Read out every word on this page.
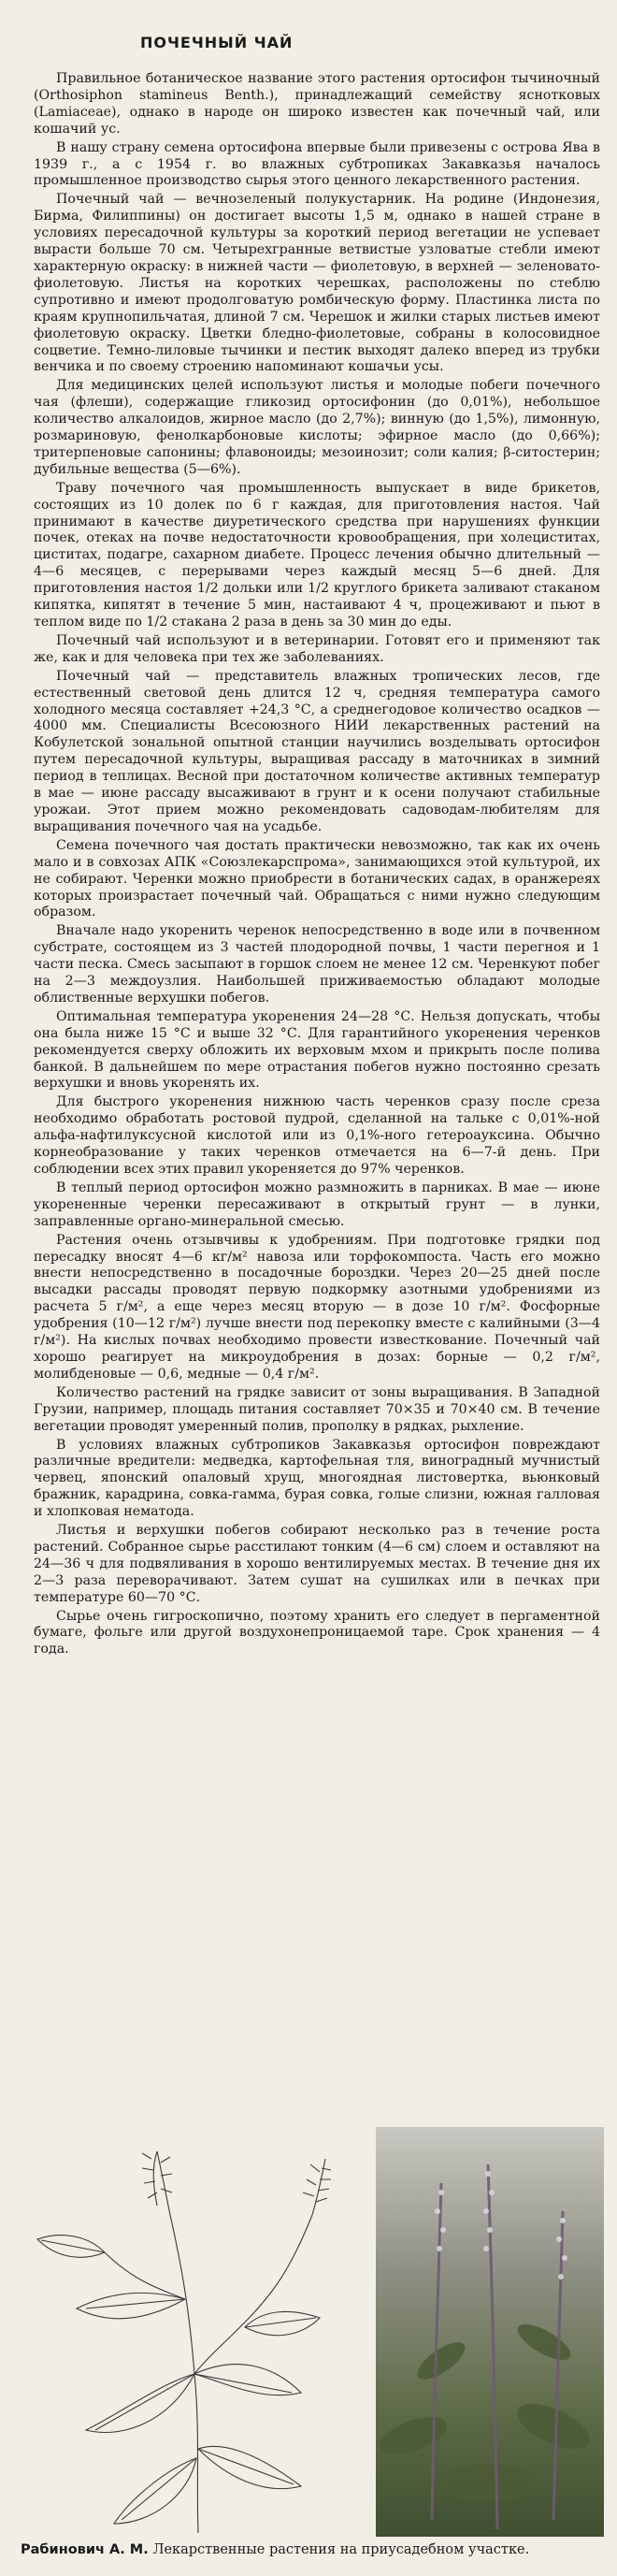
ПОЧЕЧНЫЙ ЧАЙ

Правильное ботаническое название этого растения ортосифон тычиночный (Orthosiphon stamineus Benth.), принадлежащий семейству яснотковых (Lamiaceae), однако в народе он широко известен как почечный чай, или кошачий ус.

В нашу страну семена ортосифона впервые были привезены с острова Ява в 1939 г., а с 1954 г. во влажных субтропиках Закавказья началось промышленное производство сырья этого ценного лекарственного растения.

Почечный чай — вечнозеленый полукустарник. На родине (Индонезия, Бирма, Филиппины) он достигает высоты 1,5 м, однако в нашей стране в условиях пересадочной культуры за короткий период вегетации не успевает вырасти больше 70 см. Четырехгранные ветвистые узловатые стебли имеют характерную окраску: в нижней части — фиолетовую, в верхней — зеленовато-фиолетовую. Листья на коротких черешках, расположены по стеблю супротивно и имеют продолговатую ромбическую форму. Пластинка листа по краям крупнопильчатая, длиной 7 см. Черешок и жилки старых листьев имеют фиолетовую окраску. Цветки бледно-фиолетовые, собраны в колосовидное соцветие. Темно-лиловые тычинки и пестик выходят далеко вперед из трубки венчика и по своему строению напоминают кошачьи усы.

Для медицинских целей используют листья и молодые побеги почечного чая (флеши), содержащие гликозид ортосифонин (до 0,01%), небольшое количество алкалоидов, жирное масло (до 2,7%); винную (до 1,5%), лимонную, розмариновую, фенолкарбоновые кислоты; эфирное масло (до 0,66%); тритерпеновые сапонины; флавоноиды; мезоинозит; соли калия; β-ситостерин; дубильные вещества (5—6%).

Траву почечного чая промышленность выпускает в виде брикетов, состоящих из 10 долек по 6 г каждая, для приготовления настоя. Чай принимают в качестве диуретического средства при нарушениях функции почек, отеках на почве недостаточности кровообращения, при холециститах, циститах, подагре, сахарном диабете. Процесс лечения обычно длительный — 4—6 месяцев, с перерывами через каждый месяц 5—6 дней. Для приготовления настоя 1/2 дольки или 1/2 круглого брикета заливают стаканом кипятка, кипятят в течение 5 мин, настаивают 4 ч, процеживают и пьют в теплом виде по 1/2 стакана 2 раза в день за 30 мин до еды.

Почечный чай используют и в ветеринарии. Готовят его и применяют так же, как и для человека при тех же заболеваниях.

Почечный чай — представитель влажных тропических лесов, где естественный световой день длится 12 ч, средняя температура самого холодного месяца составляет +24,3 °С, а среднегодовое количество осадков — 4000 мм. Специалисты Всесоюзного НИИ лекарственных растений на Кобулетской зональной опытной станции научились возделывать ортосифон путем пересадочной культуры, выращивая рассаду в маточниках в зимний период в теплицах. Весной при достаточном количестве активных температур в мае — июне рассаду высаживают в грунт и к осени получают стабильные урожаи. Этот прием можно рекомендовать садоводам-любителям для выращивания почечного чая на усадьбе.

Семена почечного чая достать практически невозможно, так как их очень мало и в совхозах АПК «Союзлекарспрома», занимающихся этой культурой, их не собирают. Черенки можно приобрести в ботанических садах, в оранжереях которых произрастает почечный чай. Обращаться с ними нужно следующим образом.

Вначале надо укоренить черенок непосредственно в воде или в почвенном субстрате, состоящем из 3 частей плодородной почвы, 1 части перегноя и 1 части песка. Смесь засыпают в горшок слоем не менее 12 см. Черенкуют побег на 2—3 междоузлия. Наибольшей приживаемостью обладают молодые облиственные верхушки побегов.

Оптимальная температура укоренения 24—28 °С. Нельзя допускать, чтобы она была ниже 15 °С и выше 32 °С. Для гарантийного укоренения черенков рекомендуется сверху обложить их верховым мхом и прикрыть после полива банкой. В дальнейшем по мере отрастания побегов нужно постоянно срезать верхушки и вновь укоренять их.

Для быстрого укоренения нижнюю часть черенков сразу после среза необходимо обработать ростовой пудрой, сделанной на тальке с 0,01%-ной альфа-нафтилуксусной кислотой или из 0,1%-ного гетероауксина. Обычно корнеобразование у таких черенков отмечается на 6—7-й день. При соблюдении всех этих правил укореняется до 97% черенков.

В теплый период ортосифон можно размножить в парниках. В мае — июне укорененные черенки пересаживают в открытый грунт — в лунки, заправленные органо-минеральной смесью.

Растения очень отзывчивы к удобрениям. При подготовке грядки под пересадку вносят 4—6 кг/м² навоза или торфокомпоста. Часть его можно внести непосредственно в посадочные бороздки. Через 20—25 дней после высадки рассады проводят первую подкормку азотными удобрениями из расчета 5 г/м², а еще через месяц вторую — в дозе 10 г/м². Фосфорные удобрения (10—12 г/м²) лучше внести под перекопку вместе с калийными (3—4 г/м²). На кислых почвах необходимо провести известкование. Почечный чай хорошо реагирует на микроудобрения в дозах: борные — 0,2 г/м², молибденовые — 0,6, медные — 0,4 г/м².

Количество растений на грядке зависит от зоны выращивания. В Западной Грузии, например, площадь питания составляет 70×35 и 70×40 см. В течение вегетации проводят умеренный полив, прополку в рядках, рыхление.

В условиях влажных субтропиков Закавказья ортосифон повреждают различные вредители: медведка, картофельная тля, виноградный мучнистый червец, японский опаловый хрущ, многоядная листовертка, вьюнковый бражник, карадрина, совка-гамма, бурая совка, голые слизни, южная галловая и хлопковая нематода.

Листья и верхушки побегов собирают несколько раз в течение роста растений. Собранное сырье расстилают тонким (4—6 см) слоем и оставляют на 24—36 ч для подвяливания в хорошо вентилируемых местах. В течение дня их 2—3 раза переворачивают. Затем сушат на сушилках или в печках при температуре 60—70 °С.

Сырье очень гигроскопично, поэтому хранить его следует в пергаментной бумаге, фольге или другой воздухонепроницаемой таре. Срок хранения — 4 года.

Рабинович А. М. Лекарственные растения на приусадебном участке.
